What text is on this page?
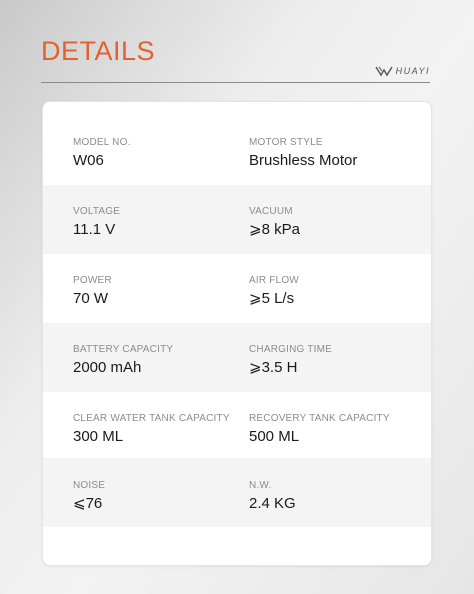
DETAILS
HUAYI
MODEL NO.
W06
MOTOR STYLE
Brushless Motor
VOLTAGE
11.1 V
VACUUM
⩾8 kPa
POWER
70 W
AIR FLOW
⩾5 L/s
BATTERY CAPACITY
2000 mAh
CHARGING TIME
⩾3.5 H
CLEAR WATER TANK CAPACITY
300 ML
RECOVERY TANK CAPACITY
500 ML
NOISE
⩽76
N.W.
2.4 KG
